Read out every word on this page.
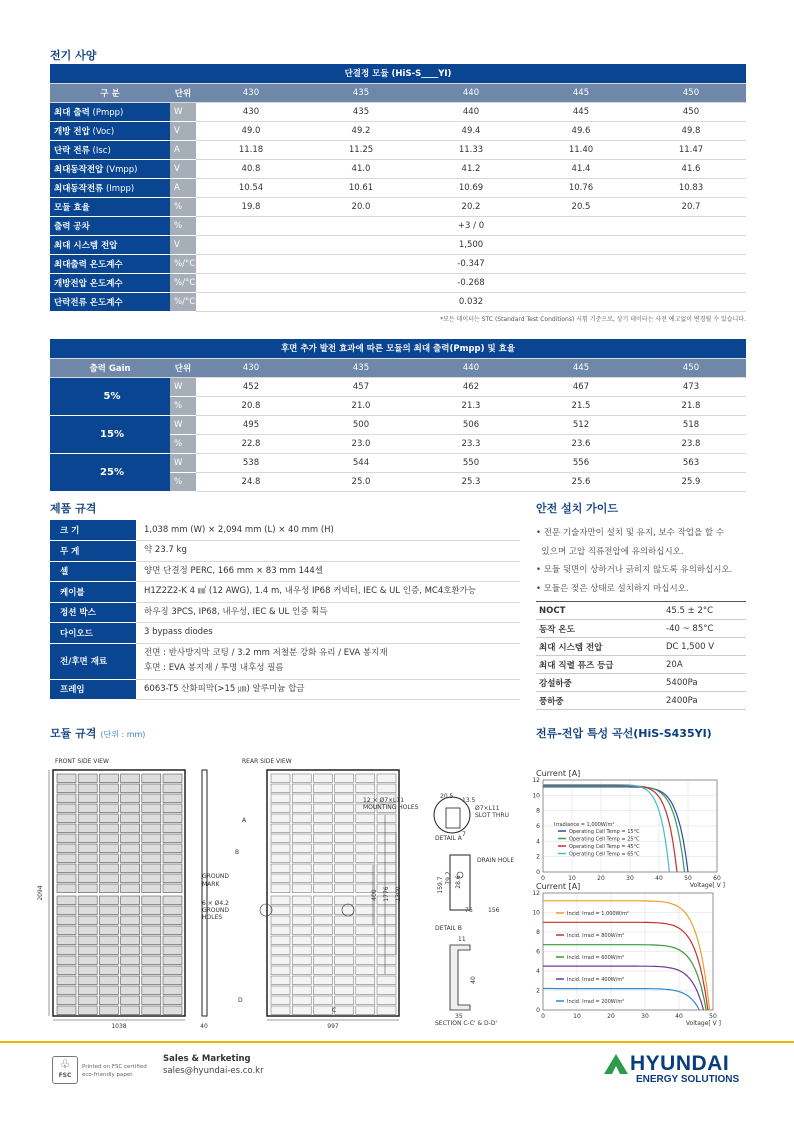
전기 사양
단결정 모듈 (HiS-S____YI)						
구 분	단위	430	435	440	445	450
최대 출력 (Pmpp)	W	430	435	440	445	450
개방 전압 (Voc)	V	49.0	49.2	49.4	49.6	49.8
단락 전류 (Isc)	A	11.18	11.25	11.33	11.40	11.47
최대동작전압 (Vmpp)	V	40.8	41.0	41.2	41.4	41.6
최대동작전류 (Impp)	A	10.54	10.61	10.69	10.76	10.83
모듈 효율	%	19.8	20.0	20.2	20.5	20.7
출력 공차	%	+3 / 0				
최대 시스템 전압	V	1,500				
최대출력 온도계수	%/°C	-0.347				
개방전압 온도계수	%/°C	-0.268				
단락전류 온도계수	%/°C	0.032				
*모든 데이터는 STC (Standard Test Conditions) 시험 기준으로, 상기 데이터는 사전 예고없이 변경될 수 있습니다.
후면 추가 발전 효과에 따른 모듈의 최대 출력(Pmpp) 및 효율						
출력 Gain	단위	430	435	440	445	450
5%	W	452	457	462	467	473
	%	20.8	21.0	21.3	21.5	21.8
15%	W	495	500	506	512	518
	%	22.8	23.0	23.3	23.6	23.8
25%	W	538	544	550	556	563
	%	24.8	25.0	25.3	25.6	25.9
제품 규격
크 기	1,038 mm (W) × 2,094 mm (L) × 40 mm (H)

무 게	약 23.7 kg

셀	양면 단결정 PERC, 166 mm × 83 mm 144셀

케이블	H1Z2Z2-K 4 ㎟ (12 AWG), 1.4 m, 내우성 IP68 커넥터, IEC & UL 인증, MC4호환가능

정션 박스	하우징 3PCS, IP68, 내우성, IEC & UL 인증 획득

다이오드	3 bypass diodes

전/후면 재료	전면 : 반사방지막 코팅 / 3.2 mm 저철분 강화 유리 / EVA 봉지재
후면 : EVA 봉지재 / 투명 내후성 필름

프레임	6063-T5 산화피막(>15 ㎛) 알루미늄 합금
안전 설치 가이드
• 전문 기술자만이 설치 및 유지, 보수 작업을 할 수
있으며 고압 직류전압에 유의하십시오.
• 모듈 뒷면이 상하거나 긁히지 않도록 유의하십시오.
• 모듈은 젖은 상태로 설치하지 마십시오.
NOCT	45.5 ± 2°C
동작 온도	-40 ~ 85°C
최대 시스템 전압	DC 1,500 V
최대 직렬 퓨즈 등급	20A
강설하중	5400Pa
풍하중	2400Pa
모듈 규격 (단위 : mm)
FRONT SIDE VIEW	REAR SIDE VIEW
2094
1038	40
GROUND
MARK
6 × Ø4.2
GROUND
HOLES
12 × Ø7×L11
MOUNTING HOLES
1776 1300
400
A
B
D
C
997
20.5
13.5
Ø7×L11
SLOT THRU
7
DETAIL A
DRAIN HOLE
159.7 79.2 28.6
76	156
DETAIL B
11
40
35
SECTION C-C' & D-D'
전류-전압 특성 곡선(HiS-S435YI)
Current [A]
0
2
4
6
8
10
12
0	10	20	30	40	50	60
Voltage[ V ]
Operating Cell Temp = 15°C
Operating Cell Temp = 25°C
Operating Cell Temp = 45°C
Operating Cell Temp = 65°C
Irradiance = 1,000W/m²
Current [A]
0
2
4
6
8
10
12
0	10	20	30	40	50
Voltage[ V ]
Incid. Irrad = 1,000W/m²
Incid. Irrad = 800W/m²
Incid. Irrad = 600W/m²
Incid. Irrad = 400W/m²
Incid. Irrad = 200W/m²
♧
FSC
Printed on FSC certified
eco-friendly paper.
Sales & Marketing
sales@hyundai-es.co.kr	HYUNDAI
ENERGY SOLUTIONS
